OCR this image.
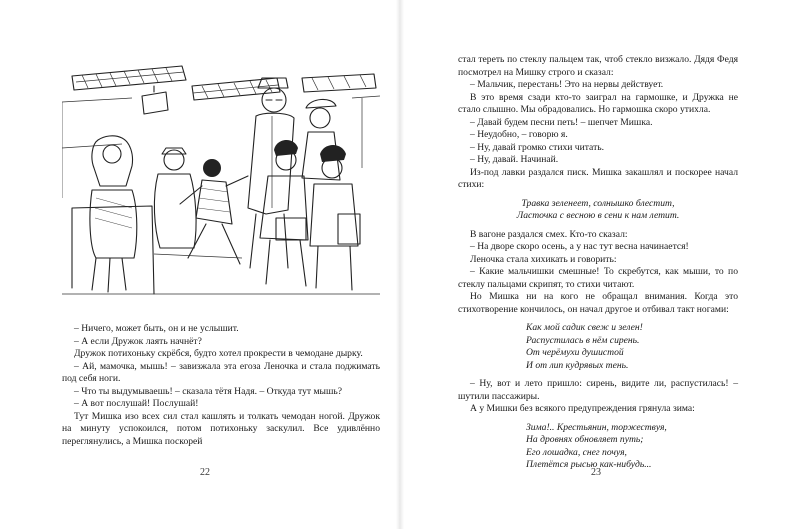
– Ничего, может быть, он и не услышит.

– А если Дружок лаять начнёт?

Дружок потихоньку скрёбся, будто хотел прокрести в чемодане дырку.

– Ай, мамочка, мышь! – завизжала эта егоза Леночка и стала поджимать под себя ноги.

– Что ты выдумываешь! – сказала тётя Надя. – Откуда тут мышь?

– А вот послушай! Послушай!

Тут Мишка изо всех сил стал кашлять и толкать чемодан ногой. Дружок на минуту успокоился, потом потихоньку заскулил. Все удивлённо переглянулись, а Мишка поскорей

22	23

стал тереть по стеклу пальцем так, чтоб стекло визжало. Дядя Федя посмотрел на Мишку строго и сказал:

– Мальчик, перестань! Это на нервы действует.

В это время сзади кто-то заиграл на гармошке, и Дружка не стало слышно. Мы обрадовались. Но гармошка скоро утихла.

– Давай будем песни петь! – шепчет Мишка.

– Неудобно, – говорю я.

– Ну, давай громко стихи читать.

– Ну, давай. Начинай.

Из-под лавки раздался писк. Мишка закашлял и поскорее начал стихи:

Травка зеленеет, солнышко блестит,
Ласточка с весною в сени к нам летит.

В вагоне раздался смех. Кто-то сказал:

– На дворе скоро осень, а у нас тут весна начинается!

Леночка стала хихикать и говорить:

– Какие мальчишки смешные! То скребутся, как мыши, то по стеклу пальцами скрипят, то стихи читают.

Но Мишка ни на кого не обращал внимания. Когда это стихотворение кончилось, он начал другое и отбивал такт ногами:

Как мой садик свеж и зелен!
Распустилась в нём сирень.
От черёмухи душистой
И от лип кудрявых тень.

– Ну, вот и лето пришло: сирень, видите ли, распустилась! – шутили пассажиры.

А у Мишки без всякого предупреждения грянула зима:

Зима!.. Крестьянин, торжествуя,
На дровнях обновляет путь;
Его лошадка, снег почуя,
Плетётся рысью как-нибудь...
